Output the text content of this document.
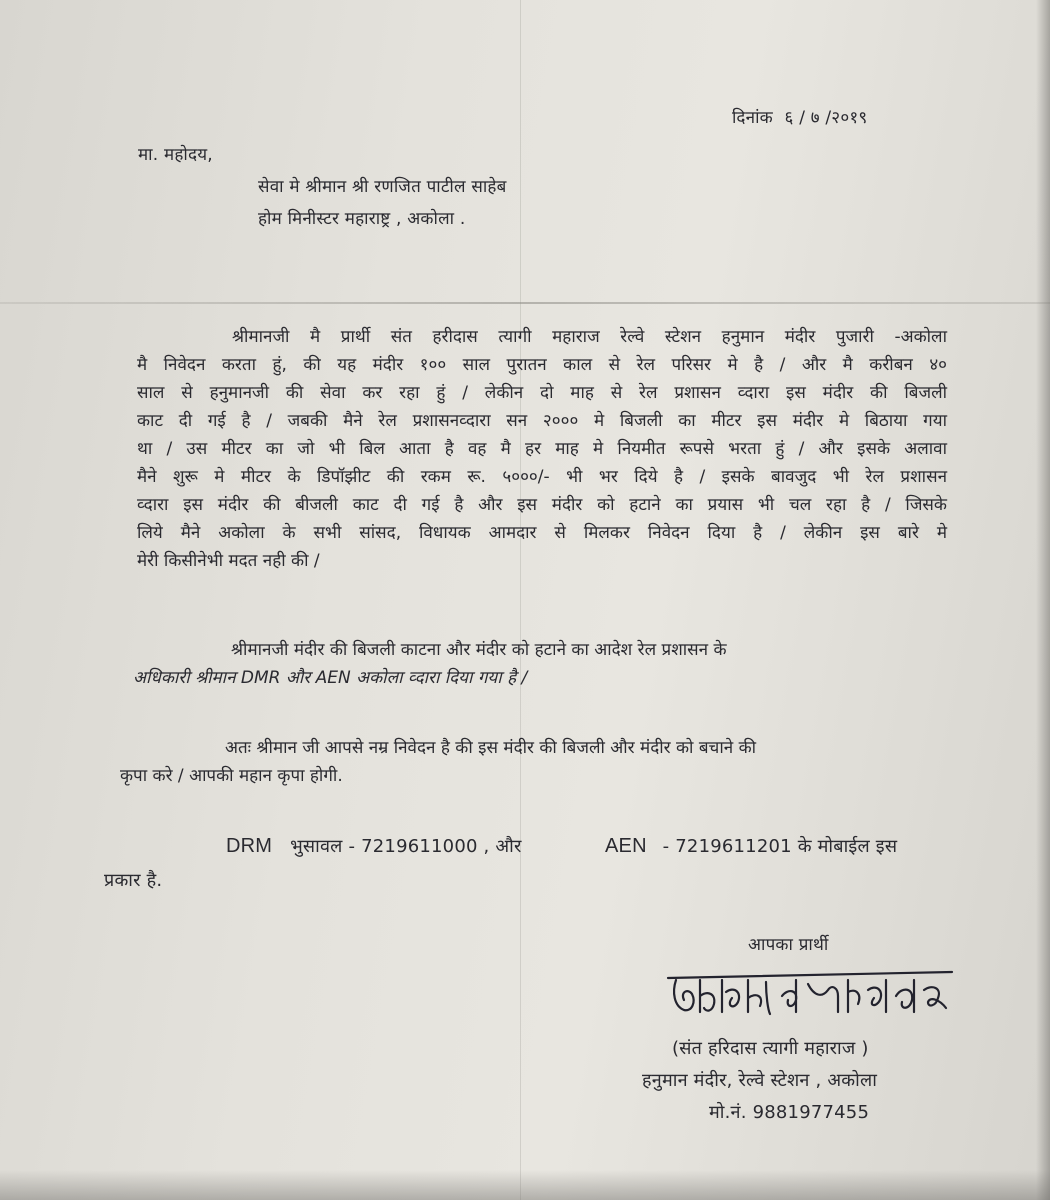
दिनांक ६ / ७ /२०१९
मा. महोदय,
सेवा मे श्रीमान श्री रणजित पाटील साहेब
होम मिनीस्टर महाराष्ट्र , अकोला .
श्रीमानजी मै प्रार्थी संत हरीदास त्यागी महाराज रेल्वे स्टेशन हनुमान मंदीर पुजारी -अकोला
मै निवेदन करता हुं, की यह मंदीर १०० साल पुरातन काल से रेल परिसर मे है / और मै करीबन ४०
साल से हनुमानजी की सेवा कर रहा हुं / लेकीन दो माह से रेल प्रशासन व्दारा इस मंदीर की बिजली
काट दी गई है / जबकी मैने रेल प्रशासनव्दारा सन २००० मे बिजली का मीटर इस मंदीर मे बिठाया गया
था / उस मीटर का जो भी बिल आता है वह मै हर माह मे नियमीत रूपसे भरता हुं / और इसके अलावा
मैने शुरू मे मीटर के डिपॉझीट की रकम रू. ५०००/- भी भर दिये है / इसके बावजुद भी रेल प्रशासन
व्दारा इस मंदीर की बीजली काट दी गई है और इस मंदीर को हटाने का प्रयास भी चल रहा है / जिसके
लिये मैने अकोला के सभी सांसद, विधायक आमदार से मिलकर निवेदन दिया है / लेकीन इस बारे मे
मेरी किसीनेभी मदत नही की /
श्रीमानजी मंदीर की बिजली काटना और मंदीर को हटाने का आदेश रेल प्रशासन के
अधिकारी श्रीमान DMR और AEN अकोला व्दारा दिया गया है /
अतः श्रीमान जी आपसे नम्र निवेदन है की इस मंदीर की बिजली और मंदीर को बचाने की
कृपा करे / आपकी महान कृपा होगी.
DRM भुसावल - 7219611000 , और	AEN - 7219611201 के मोबाईल इस
प्रकार है.
आपका प्रार्थी
(संत हरिदास त्यागी महाराज )
हनुमान मंदीर, रेल्वे स्टेशन , अकोला
मो.नं. 9881977455
